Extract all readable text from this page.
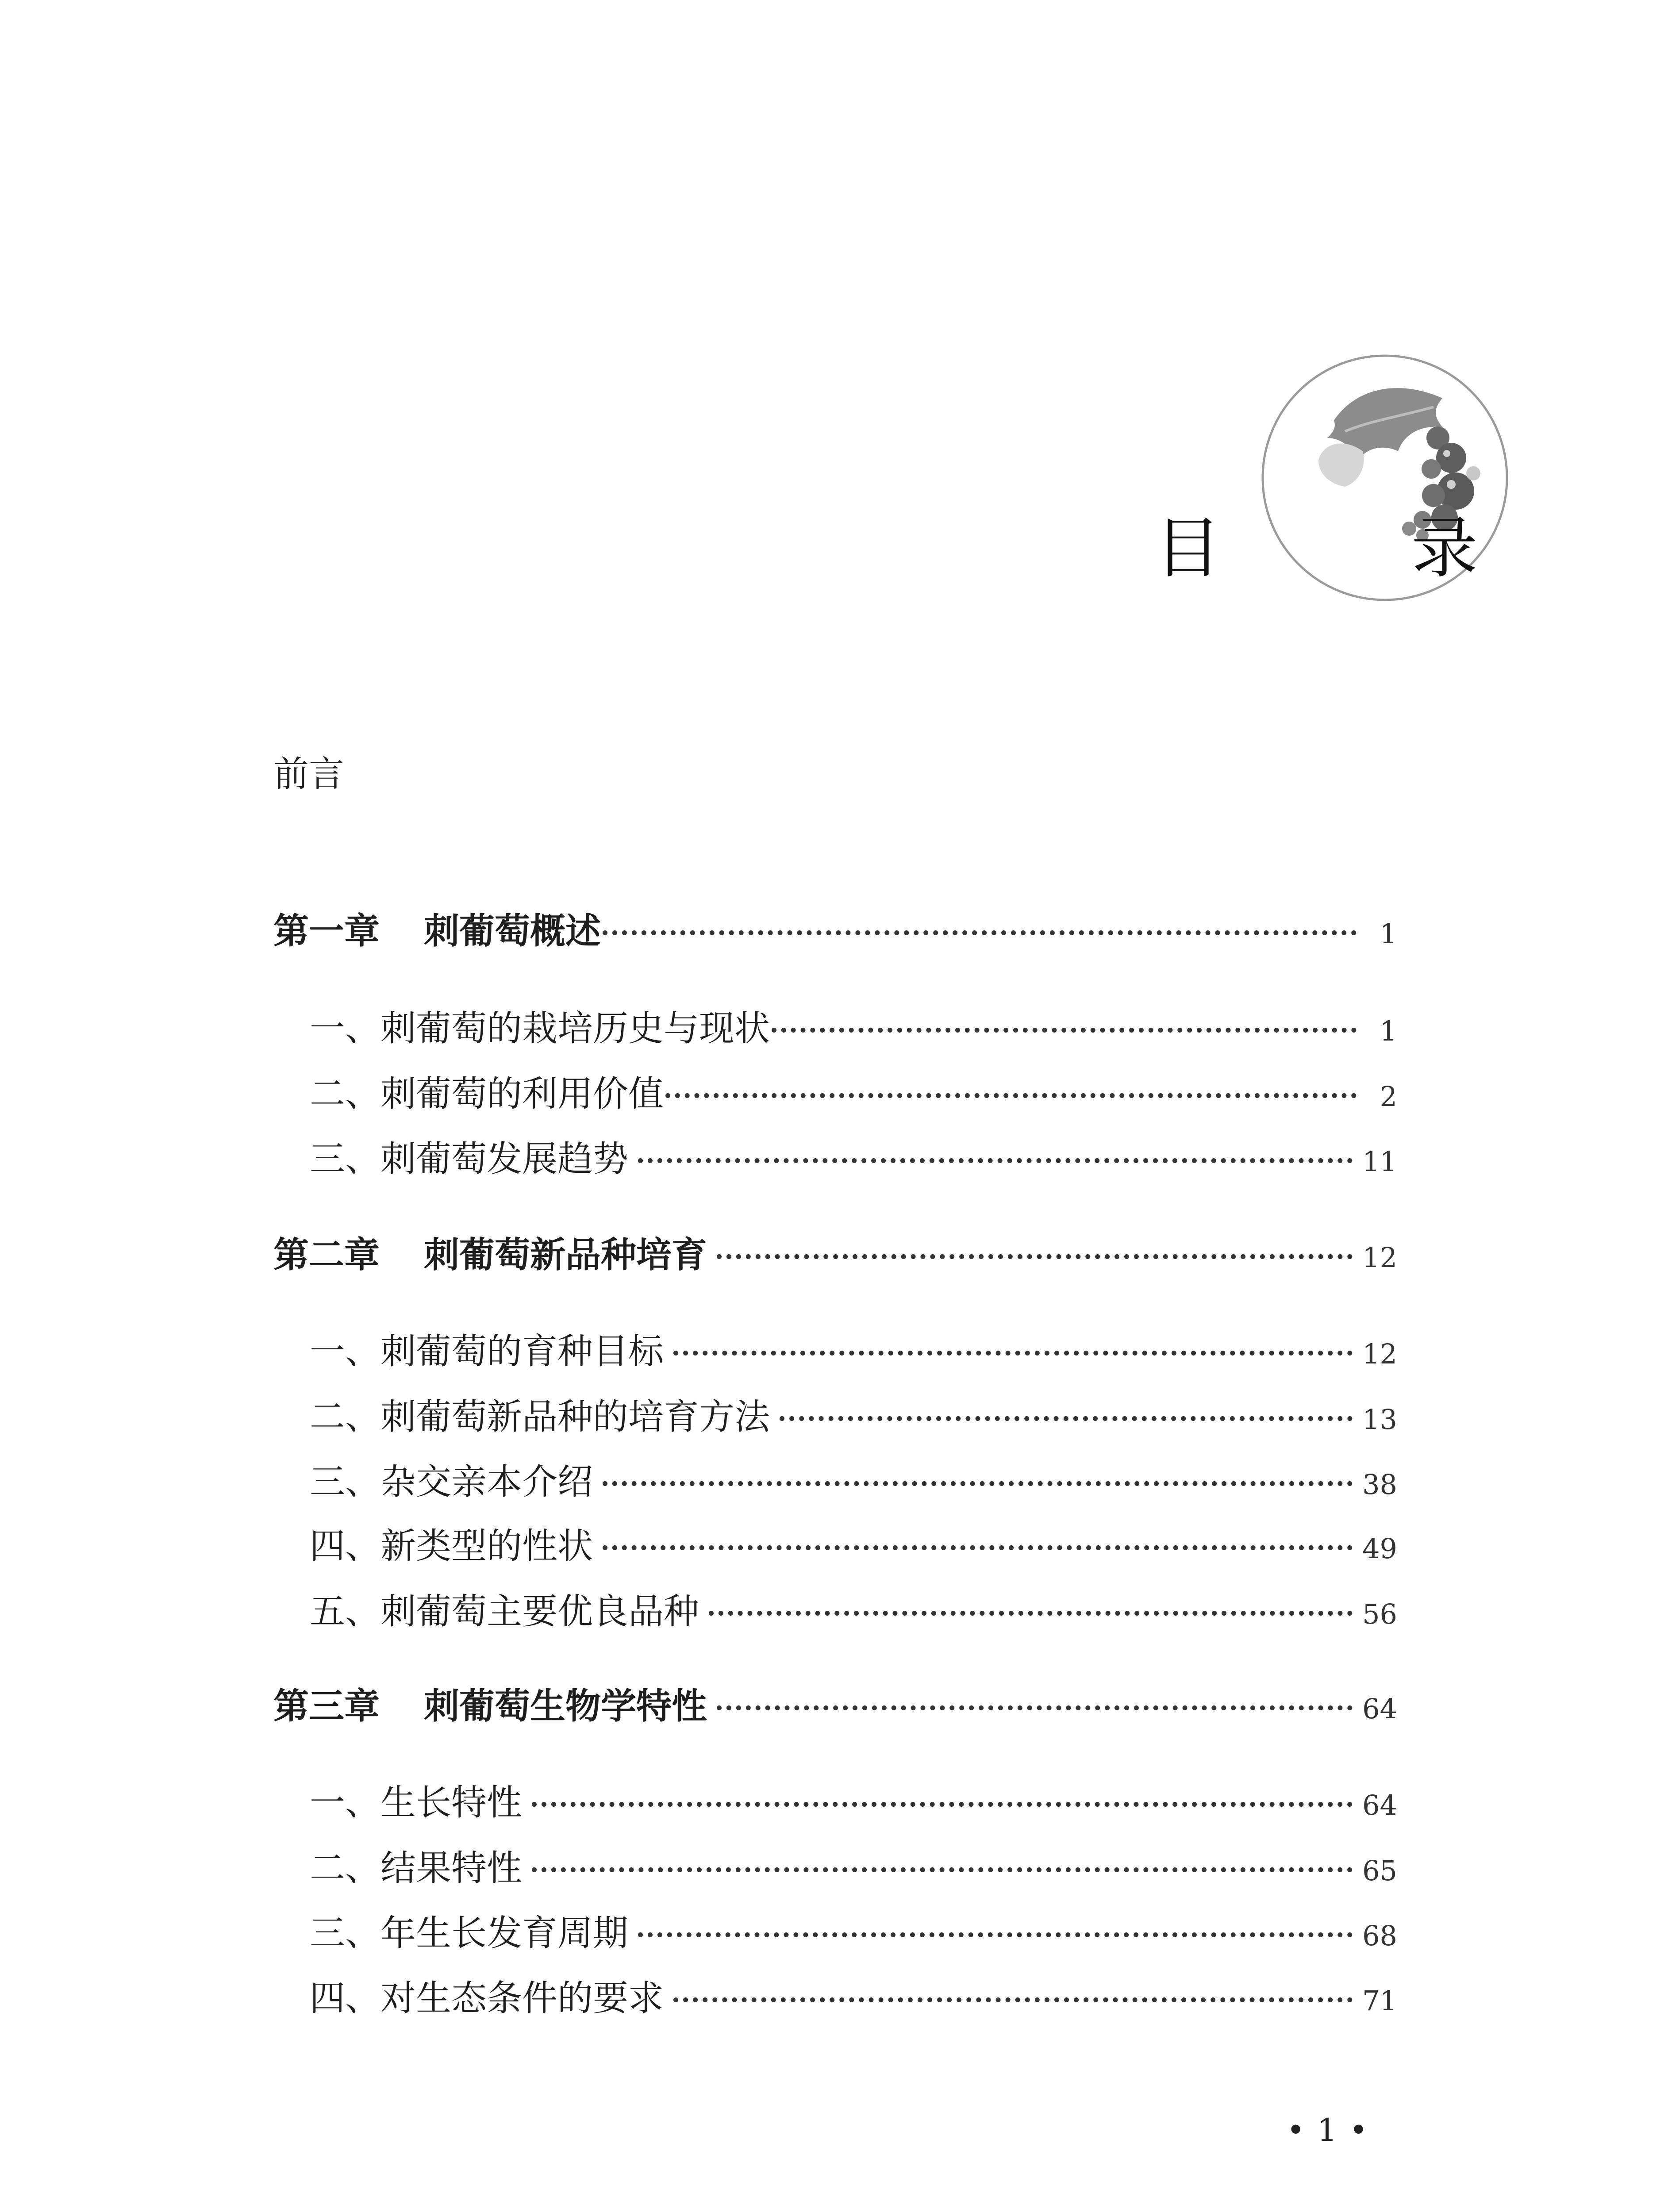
目　录
前言
第一章 刺葡萄概述	1
一、刺葡萄的栽培历史与现状	1
二、刺葡萄的利用价值	2
三、刺葡萄发展趋势	11
第二章 刺葡萄新品种培育	12
一、刺葡萄的育种目标	12
二、刺葡萄新品种的培育方法	13
三、杂交亲本介绍	38
四、新类型的性状	49
五、刺葡萄主要优良品种	56
第三章 刺葡萄生物学特性	64
一、生长特性	64
二、结果特性	65
三、年生长发育周期	68
四、对生态条件的要求	71
• 1 •
